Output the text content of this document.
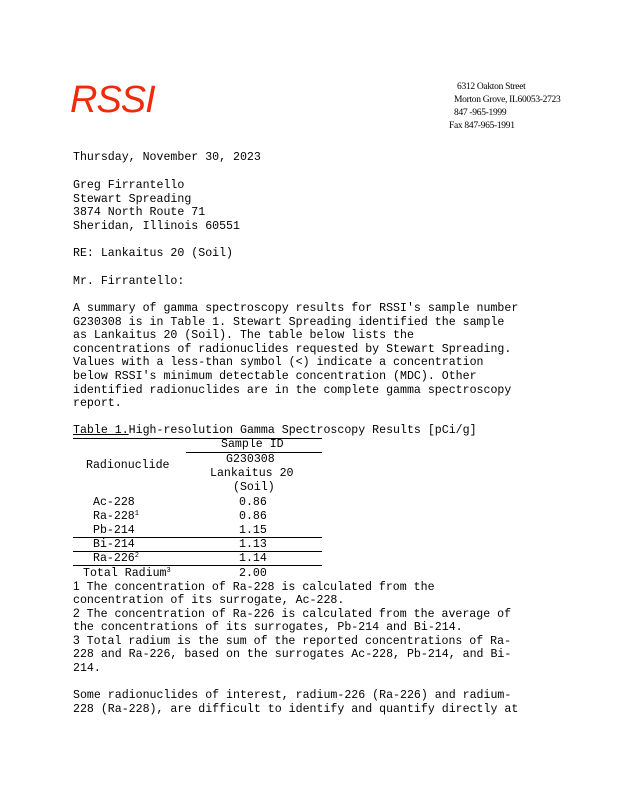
RSSI	6312 Oakton Street
Morton Grove, IL60053-2723
847 -965-1999
Fax 847-965-1991
Thursday, November 30, 2023
Greg Firrantello
Stewart Spreading
3874 North Route 71
Sheridan, Illinois 60551
RE: Lankaitus 20 (Soil)
Mr. Firrantello:
A summary of gamma spectroscopy results for RSSI's sample number
G230308 is in Table 1. Stewart Spreading identified the sample
as Lankaitus 20 (Soil). The table below lists the
concentrations of radionuclides requested by Stewart Spreading.
Values with a less-than symbol (<) indicate a concentration
below RSSI's minimum detectable concentration (MDC). Other
identified radionuclides are in the complete gamma spectroscopy
report.
Table 1.High-resolution Gamma Spectroscopy Results [pCi/g]
Sample ID
Radionuclide	G230308
Lankaitus 20
(Soil)
Ac-228	0.86
$Ra-228^1$	0.86
Pb-214	1.15
Bi-214	1.13
$Ra-226^2$	1.14
Total Radium$^3$	2.00
1 The concentration of Ra-228 is calculated from the
concentration of its surrogate, Ac-228.
2 The concentration of Ra-226 is calculated from the average of
the concentrations of its surrogates, Pb-214 and Bi-214.
3 Total radium is the sum of the reported concentrations of Ra-
228 and Ra-226, based on the surrogates Ac-228, Pb-214, and Bi-
214.
Some radionuclides of interest, radium-226 (Ra-226) and radium-
228 (Ra-228), are difficult to identify and quantify directly at
